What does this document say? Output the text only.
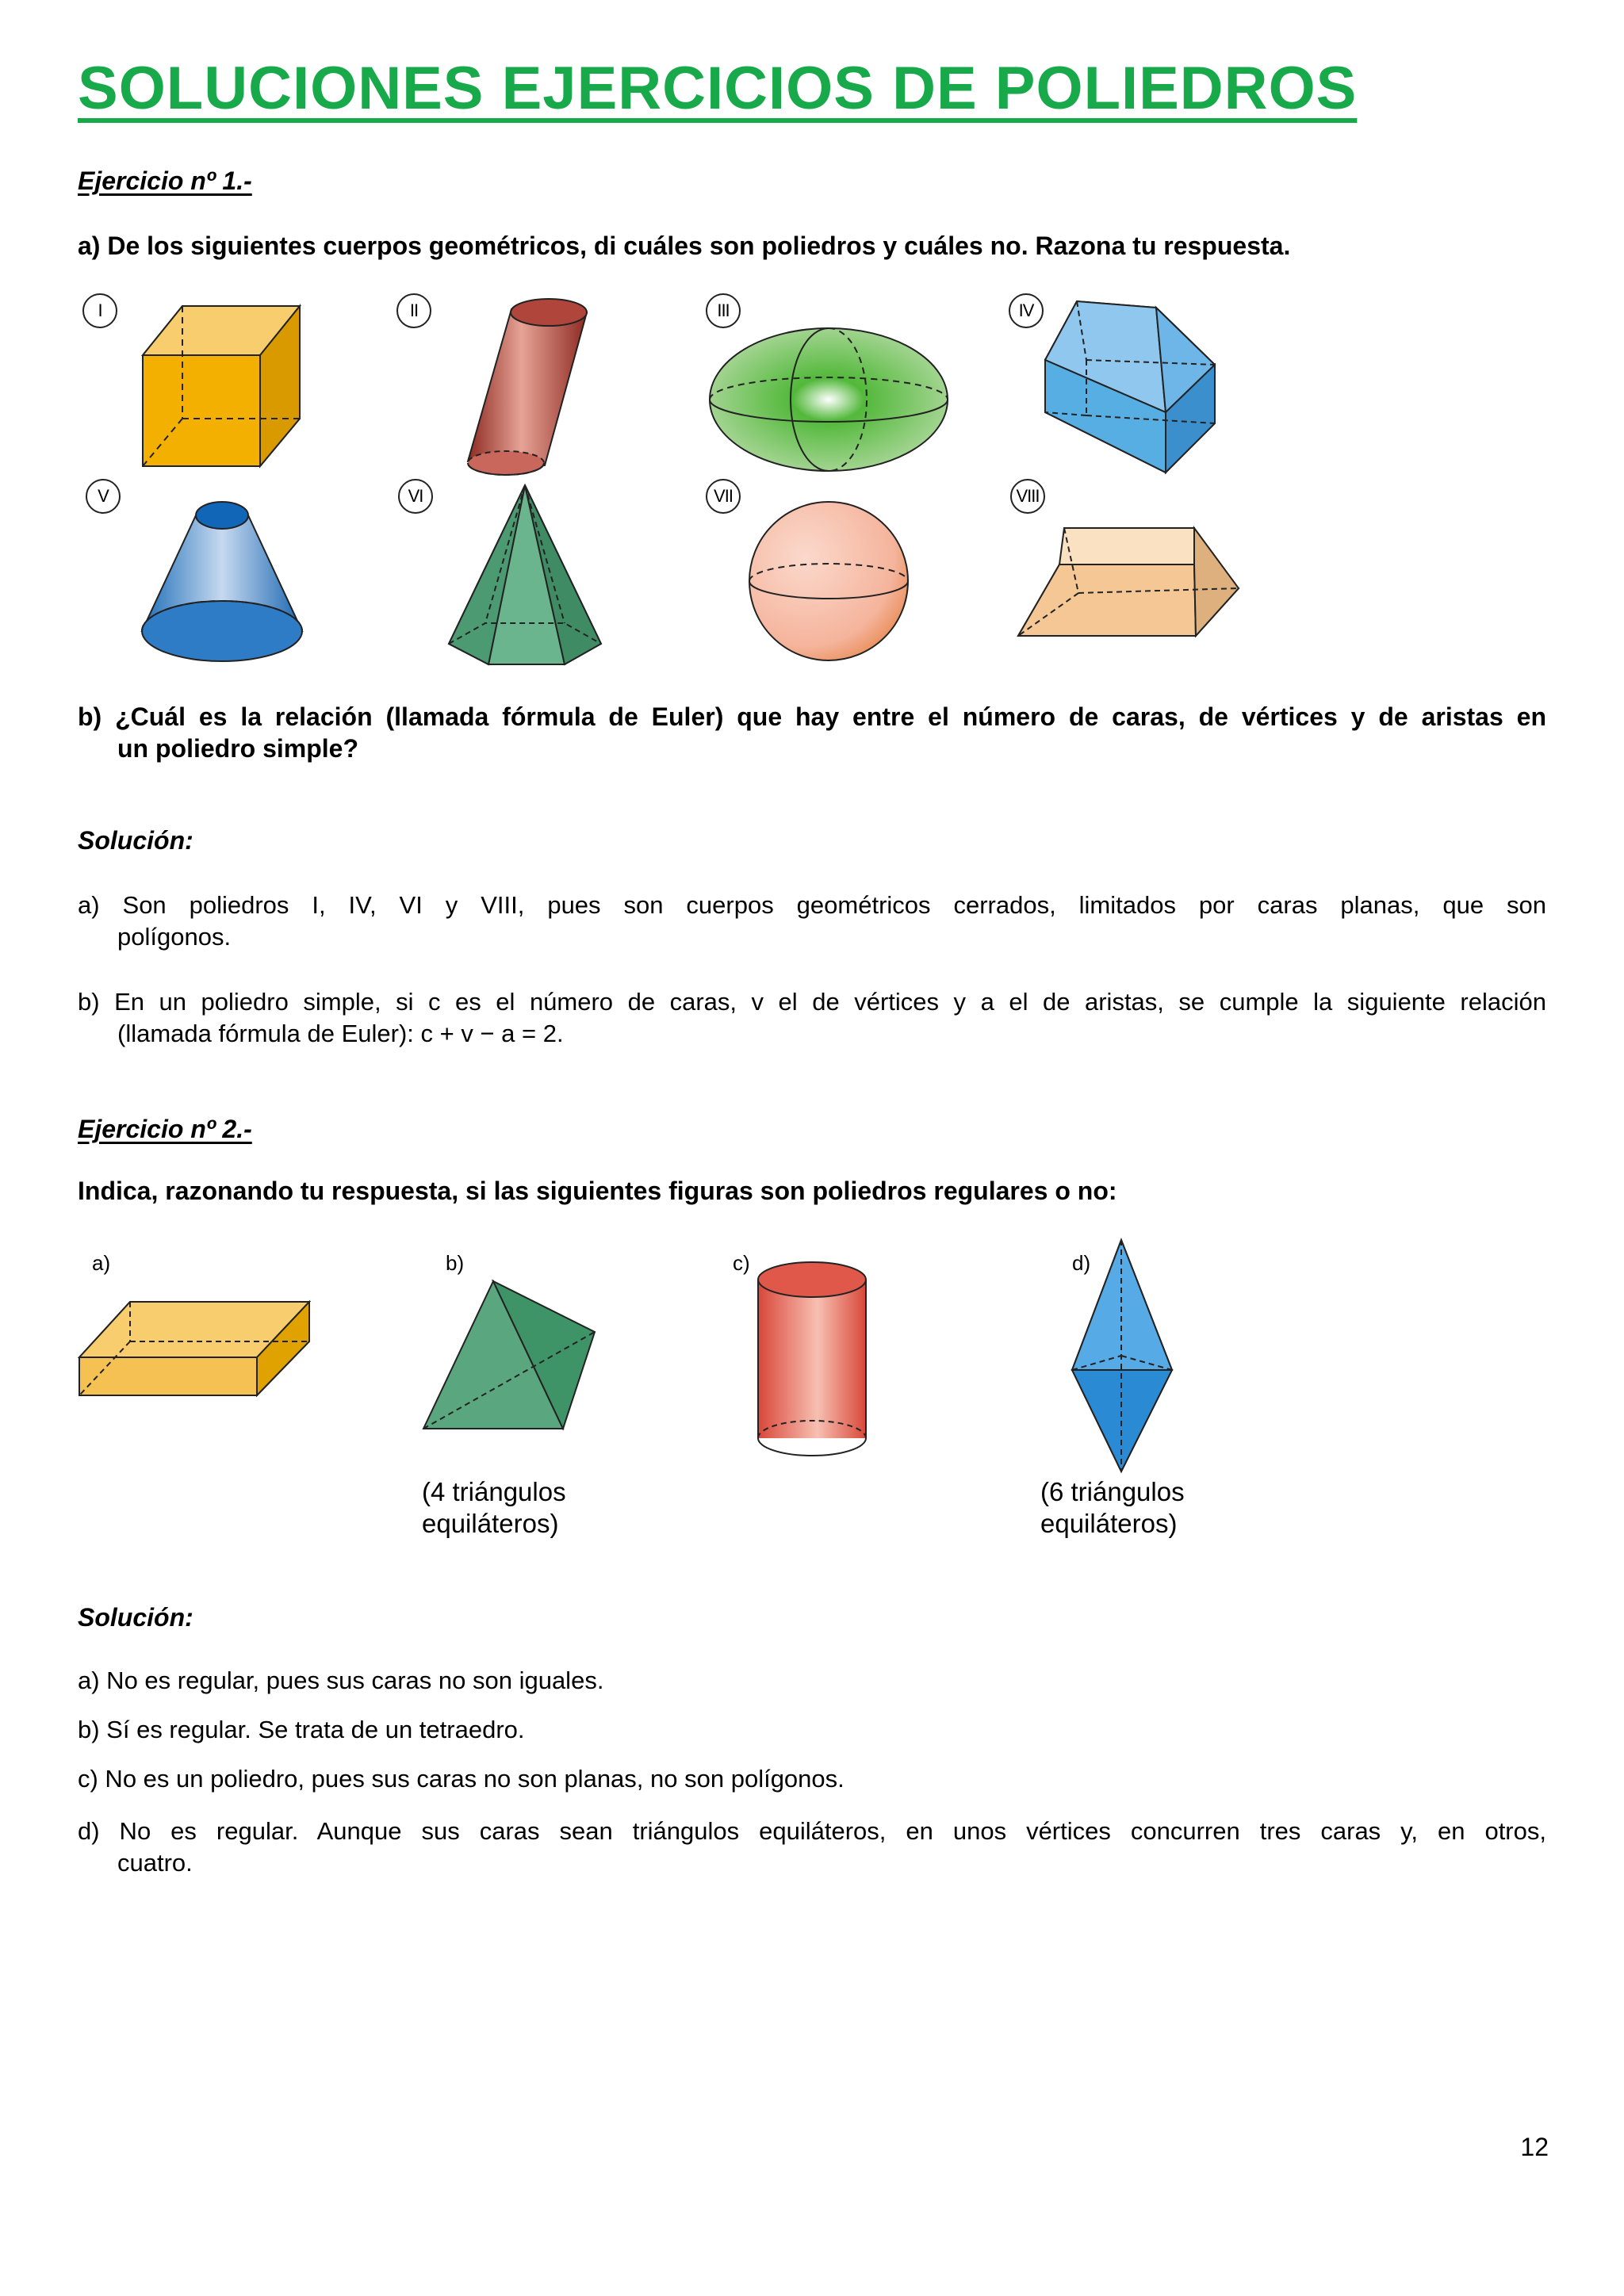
SOLUCIONES EJERCICIOS DE POLIEDROS
Ejercicio nº 1.-
a) De los siguientes cuerpos geométricos, di cuáles son poliedros y cuáles no. Razona tu respuesta.
I	II	III	IV
V	VI	VII	VIII
b) ¿Cuál es la relación (llamada fórmula de Euler) que hay entre el número de caras, de vértices y de aristas en
un poliedro simple?
Solución:
a) Son poliedros I, IV, VI y VIII, pues son cuerpos geométricos cerrados, limitados por caras planas, que son
polígonos.
b) En un poliedro simple, si c es el número de caras, v el de vértices y a el de aristas, se cumple la siguiente relación
(llamada fórmula de Euler): c + v − a = 2.
Ejercicio nº 2.-
Indica, razonando tu respuesta, si las siguientes figuras son poliedros regulares o no:
a)	b)
(4 triángulos
equiláteros)
c)	d)
(6 triángulos
equiláteros)
Solución:
a) No es regular, pues sus caras no son iguales.
b) Sí es regular. Se trata de un tetraedro.
c) No es un poliedro, pues sus caras no son planas, no son polígonos.
d) No es regular. Aunque sus caras sean triángulos equiláteros, en unos vértices concurren tres caras y, en otros,
cuatro.
12
